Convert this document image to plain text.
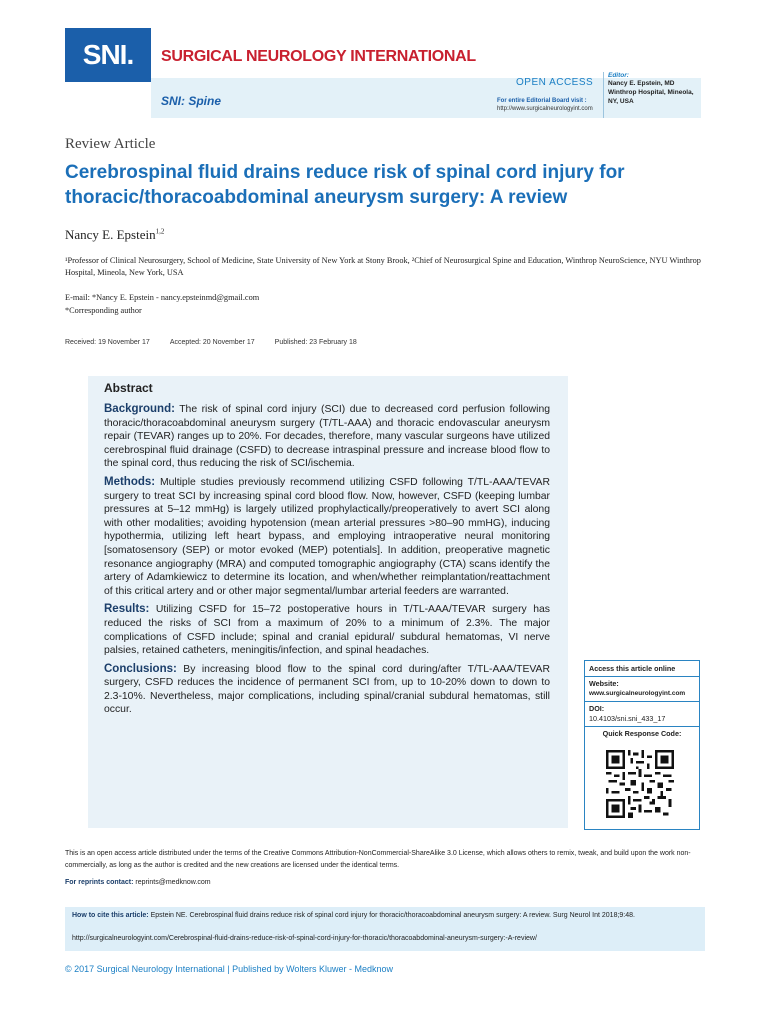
SNI.	SURGICAL NEUROLOGY INTERNATIONAL
SNI: Spine
OPEN ACCESS
For entire Editorial Board visit :
http://www.surgicalneurologyint.com
Editor:
Nancy E. Epstein, MD
Winthrop Hospital, Mineola,
NY, USA
Review Article
Cerebrospinal fluid drains reduce risk of spinal cord injury for thoracic/thoracoabdominal aneurysm surgery: A review
Nancy E. Epstein$^{1,2}$
¹Professor of Clinical Neurosurgery, School of Medicine, State University of New York at Stony Brook, ²Chief of Neurosurgical Spine and Education, Winthrop NeuroScience, NYU Winthrop Hospital, Mineola, New York, USA
E-mail: *Nancy E. Epstein - nancy.epsteinmd@gmail.com
*Corresponding author
Received: 19 November 17	Accepted: 20 November 17	Published: 23 February 18
Abstract

Background: The risk of spinal cord injury (SCI) due to decreased cord perfusion following thoracic/thoracoabdominal aneurysm surgery (T/TL-AAA) and thoracic endovascular aneurysm repair (TEVAR) ranges up to 20%. For decades, therefore, many vascular surgeons have utilized cerebrospinal fluid drainage (CSFD) to decrease intraspinal pressure and increase blood flow to the spinal cord, thus reducing the risk of SCI/ischemia.

Methods: Multiple studies previously recommend utilizing CSFD following T/TL-AAA/TEVAR surgery to treat SCI by increasing spinal cord blood flow. Now, however, CSFD (keeping lumbar pressures at 5–12 mmHg) is largely utilized prophylactically/preoperatively to avert SCI along with other modalities; avoiding hypotension (mean arterial pressures >80–90 mmHG), inducing hypothermia, utilizing left heart bypass, and employing intraoperative neural monitoring [somatosensory (SEP) or motor evoked (MEP) potentials]. In addition, preoperative magnetic resonance angiography (MRA) and computed tomographic angiography (CTA) scans identify the artery of Adamkiewicz to determine its location, and when/whether reimplantation/reattachment of this critical artery and or other major segmental/lumbar arterial feeders are warranted.

Results: Utilizing CSFD for 15–72 postoperative hours in T/TL-AAA/TEVAR surgery has reduced the risks of SCI from a maximum of 20% to a minimum of 2.3%. The major complications of CSFD include; spinal and cranial epidural/ subdural hematomas, VI nerve palsies, retained catheters, meningitis/infection, and spinal headaches.

Conclusions: By increasing blood flow to the spinal cord during/after T/TL-AAA/TEVAR surgery, CSFD reduces the incidence of permanent SCI from, up to 10-20% down to down to 2.3-10%. Nevertheless, major complications, including spinal/cranial subdural hematomas, still occur.

Access this article online
Website:
www.surgicalneurologyint.com
DOI:
10.4103/sni.sni_433_17
Quick Response Code:
This is an open access article distributed under the terms of the Creative Commons Attribution-NonCommercial-ShareAlike 3.0 License, which allows others to remix, tweak, and build upon the work non-commercially, as long as the author is credited and the new creations are licensed under the identical terms.
For reprints contact: reprints@medknow.com
How to cite this article: Epstein NE. Cerebrospinal fluid drains reduce risk of spinal cord injury for thoracic/thoracoabdominal aneurysm surgery: A review. Surg Neurol Int 2018;9:48.
http://surgicalneurologyint.com/Cerebrospinal-fluid-drains-reduce-risk-of-spinal-cord-injury-for-thoracic/thoracoabdominal-aneurysm-surgery:-A-review/
© 2017 Surgical Neurology International | Published by Wolters Kluwer - Medknow
